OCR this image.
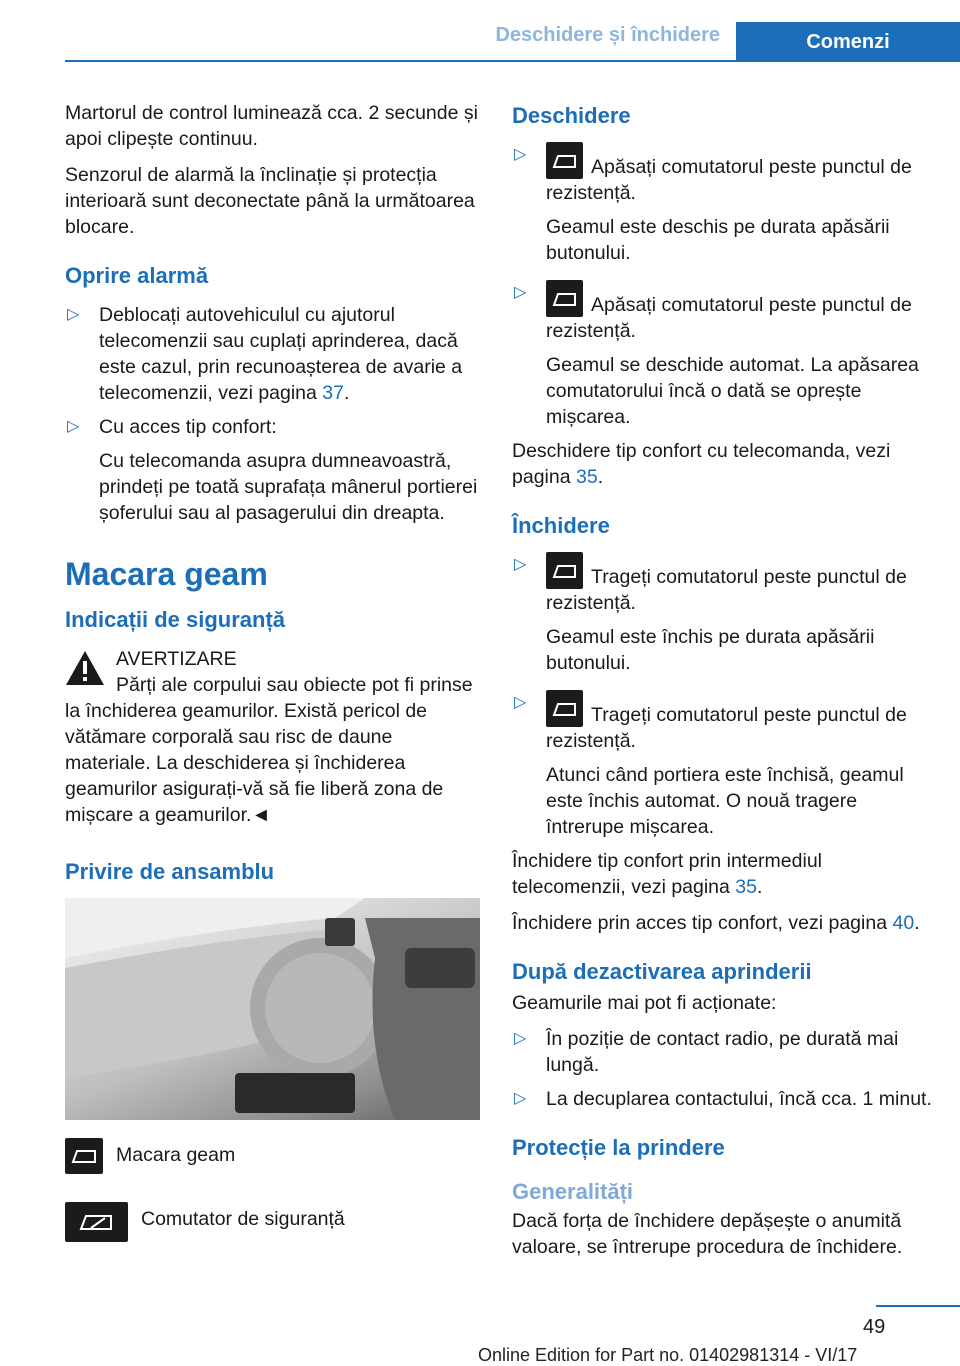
Deschidere și închidere	Comenzi

Martorul de control luminează cca. 2 secunde și apoi clipește continuu.

Senzorul de alarmă la înclinație și protecția interioară sunt deconectate până la următoarea blocare.

Oprire alarmă
▷ Deblocați autovehiculul cu ajutorul telecomenzii sau cuplați aprinderea, dacă este cazul, prin recunoașterea de avarie a telecomenzii, vezi pagina 37.
▷ Cu acces tip confort:
Cu telecomanda asupra dumneavoastră, prindeți pe toată suprafața mânerul portierei șoferului sau al pasagerului din dreapta.
Macara geam
Indicații de siguranță
AVERTIZARE
Părți ale corpului sau obiecte pot fi prinse la închiderea geamurilor. Există pericol de vătămare corporală sau risc de daune materiale. La deschiderea și închiderea geamurilor asigurați-vă să fie liberă zona de mișcare a geamurilor.◄
Privire de ansamblu
Macara geam
Comutator de siguranță
Deschidere
▷
Apăsați comutatorul peste punctul de rezistență.
Geamul este deschis pe durata apăsării butonului.
▷
Apăsați comutatorul peste punctul de rezistență.
Geamul se deschide automat. La apăsarea comutatorului încă o dată se oprește mișcarea.

Deschidere tip confort cu telecomanda, vezi pagina 35.

Închidere
▷
Trageți comutatorul peste punctul de rezistență.
Geamul este închis pe durata apăsării butonului.
▷
Trageți comutatorul peste punctul de rezistență.
Atunci când portiera este închisă, geamul este închis automat. O nouă tragere întrerupe mișcarea.

Închidere tip confort prin intermediul telecomenzii, vezi pagina 35.

Închidere prin acces tip confort, vezi pagina 40.

După dezactivarea aprinderii

Geamurile mai pot fi acționate:

▷ În poziție de contact radio, pe durată mai lungă.
▷ La decuplarea contactului, încă cca. 1 minut.
Protecție la prindere
Generalități

Dacă forța de închidere depășește o anumită valoare, se întrerupe procedura de închidere.

49
Online Edition for Part no. 01402981314 - VI/17
